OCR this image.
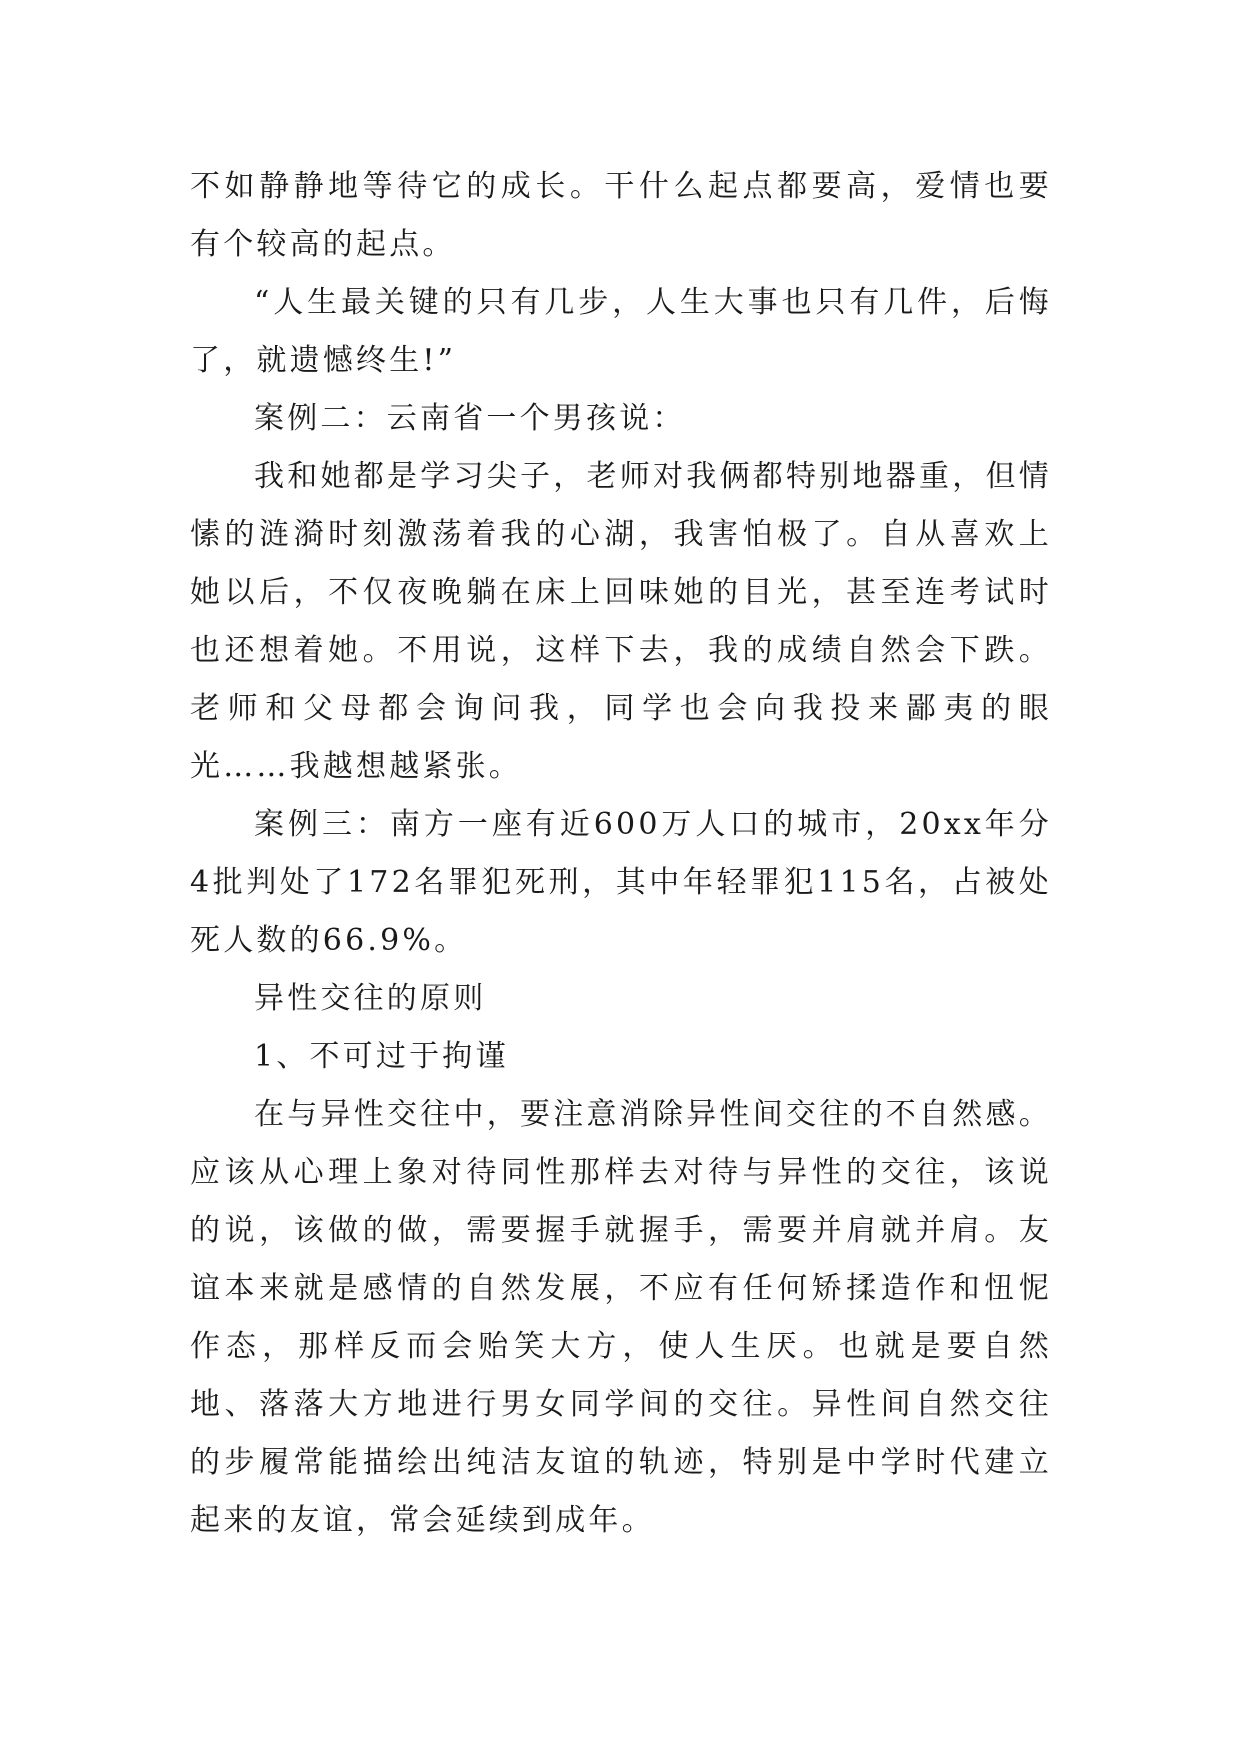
不如静静地等待它的成长。干什么起点都要高，爱情也要有个较高的起点。

“人生最关键的只有几步，人生大事也只有几件，后悔了，就遗憾终生!”

案例二：云南省一个男孩说：

我和她都是学习尖子，老师对我俩都特别地器重，但情愫的涟漪时刻激荡着我的心湖，我害怕极了。自从喜欢上她以后，不仅夜晚躺在床上回味她的目光，甚至连考试时也还想着她。不用说，这样下去，我的成绩自然会下跌。老师和父母都会询问我，同学也会向我投来鄙夷的眼光……我越想越紧张。

案例三：南方一座有近600万人口的城市，20xx年分4批判处了172名罪犯死刑，其中年轻罪犯115名，占被处死人数的66.9%。

异性交往的原则

1、不可过于拘谨

在与异性交往中，要注意消除异性间交往的不自然感。应该从心理上象对待同性那样去对待与异性的交往，该说的说，该做的做，需要握手就握手，需要并肩就并肩。友谊本来就是感情的自然发展，不应有任何矫揉造作和忸怩作态，那样反而会贻笑大方，使人生厌。也就是要自然地、落落大方地进行男女同学间的交往。异性间自然交往的步履常能描绘出纯洁友谊的轨迹，特别是中学时代建立起来的友谊，常会延续到成年。
